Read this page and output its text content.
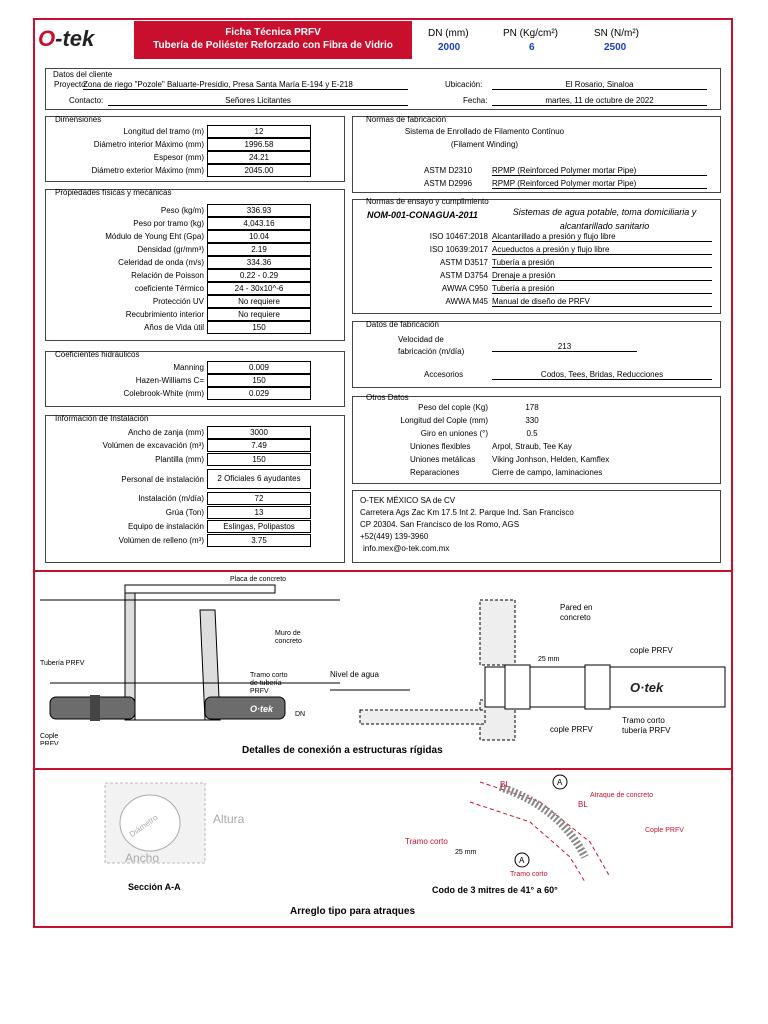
O-tek	Ficha Técnica PRFV
Tubería de Poliéster Reforzado con Fibra de Vidrio
DN (mm)
2000
PN (Kg/cm²)
6
SN (N/m²)
2500
Datos del cliente
Proyecto:
Zona de riego "Pozole" Baluarte-Presidio, Presa Santa María E-194 y E-218
Contacto:	Señores Licitantes
Ubicación:	El Rosario, Sinaloa
Fecha:	martes, 11 de octubre de 2022
Dimensiones
Propiedades físicas y mecánicas
Coeficientes hidráulicos
Información de Instalación
Longitud del tramo (m)	12
Diámetro interior Máximo (mm)	1996.58
Espesor (mm)	24.21
Diámetro exterior Máximo (mm)	2045.00
Peso (kg/m)	336.93
Peso por tramo (kg)	4,043.16
Módulo de Young Eht (Gpa)	10.04
Densidad (gr/mm³)	2.19
Celeridad de onda (m/s)	334.36
Relación de Poisson	0.22 - 0.29
coeficiente Térmico	24 - 30x10^-6
Protección UV	No requiere
Recubrimiento interior	No requiere
Años de Vida útil	150
Manning	0.009
Hazen-Williams C=	150
Colebrook-White (mm)	0.029
Ancho de zanja (mm)	3000
Volúmen de excavación (m³)	7.49
Plantilla (mm)	150
Personal de instalación	2 Oficiales 6 ayudantes
Instalación (m/día)	72
Grúa (Ton)	13
Equipo de instalación	Eslingas, Polipastos
Volúmen de relleno (m³)	3.75
Normas de fabricación
Sistema de Enrollado de Filamento Contínuo
(Filament Winding)
ASTM D2310 RPMP (Reinforced Polymer mortar Pipe)
ASTM D2996 RPMP (Reinforced Polymer mortar Pipe)
Normas de ensayo y cumplimiento
NOM-001-CONAGUA-2011	Sistemas de agua potable, toma domiciliaria y
alcantarillado sanitario
ISO 10467:2018 Alcantarillado a presión y flujo libre
ISO 10639:2017 Acueductos a presión y flujo libre
ASTM D3517 Tubería a presión
ASTM D3754 Drenaje a presión
AWWA C950 Tubería a presión
AWWA M45 Manual de diseño de PRFV
Datos de fabricación
Velocidad de
fabricación (m/día)
213
Accesorios	Codos, Tees, Bridas, Reducciones
Otros Datos
Peso del cople (Kg)	178
Longitud del Cople (mm)	330
Giro en uniones (°)	0.5
Uniones flexibles	Arpol, Straub, Tee Kay
Uniones metálicas Viking Jonhson, Helden, Kamflex
Reparaciones	Cierre de campo, laminaciones
O-TEK MÉXICO SA de CV
Carretera Ags Zac Km 17.5 Int 2. Parque Ind. San Francisco
CP 20304. San Francisco de los Romo, AGS
+52(449) 139-3960
info.mex@o-tek.com.mx
O·tek
Placa de concreto
Tubería PRFV
Muro de
concreto
Tramo corto
de tubería
PRFV
DN
Cople
PRFV
O·tek
Pared en
concreto
25 mm
Nivel de agua
cople PRFV
cople PRFV
Tramo corto
tubería PRFV
Detalles de conexión a estructuras rígidas
Diámetro	Altura
Ancho
Sección A-A
A
A
BL
BL
Atraque de concreto
Cople PRFV
Tramo corto
25 mm
Tramo corto
Codo de 3 mitres de 41° a 60°
Arreglo tipo para atraques
